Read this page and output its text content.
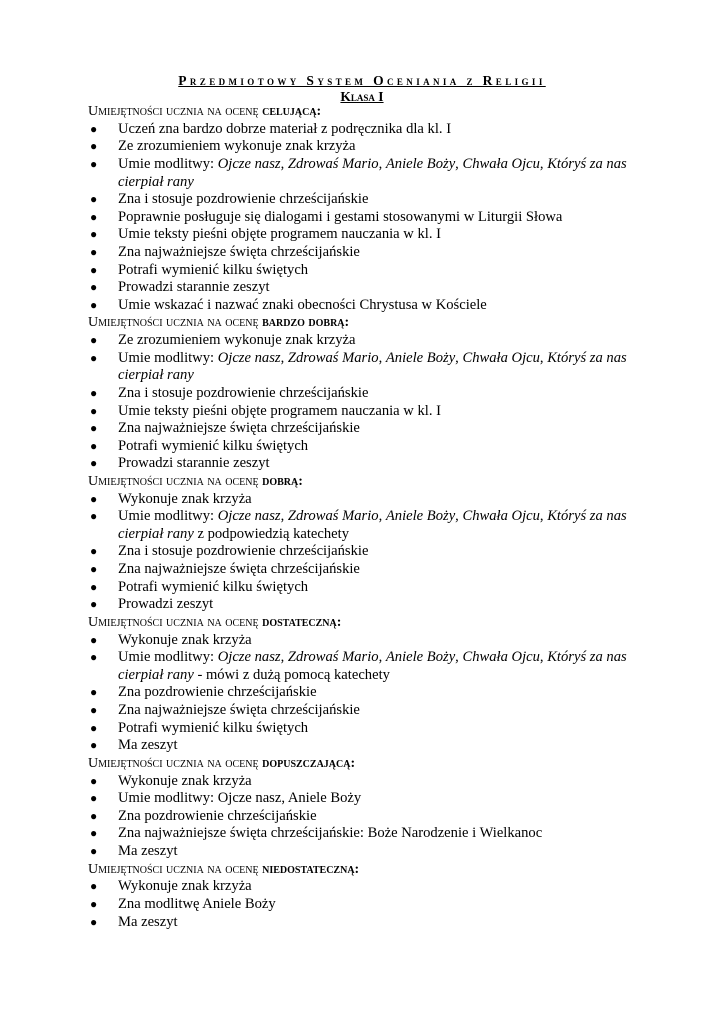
Przedmiotowy System Oceniania z Religii
Klasa I
Umiejętności ucznia na ocenę celującą:
● Uczeń zna bardzo dobrze materiał z podręcznika dla kl. I
● Ze zrozumieniem wykonuje znak krzyża
● Umie modlitwy: Ojcze nasz, Zdrowaś Mario, Aniele Boży, Chwała Ojcu, Któryś za nas cierpiał rany
● Zna i stosuje pozdrowienie chrześcijańskie
● Poprawnie posługuje się dialogami i gestami stosowanymi w Liturgii Słowa
● Umie teksty pieśni objęte programem nauczania w kl. I
● Zna najważniejsze święta chrześcijańskie
● Potrafi wymienić kilku świętych
● Prowadzi starannie zeszyt
● Umie wskazać i nazwać znaki obecności Chrystusa w Kościele
Umiejętności ucznia na ocenę bardzo dobrą:
● Ze zrozumieniem wykonuje znak krzyża
● Umie modlitwy: Ojcze nasz, Zdrowaś Mario, Aniele Boży, Chwała Ojcu, Któryś za nas cierpiał rany
● Zna i stosuje pozdrowienie chrześcijańskie
● Umie teksty pieśni objęte programem nauczania w kl. I
● Zna najważniejsze święta chrześcijańskie
● Potrafi wymienić kilku świętych
● Prowadzi starannie zeszyt
Umiejętności ucznia na ocenę dobrą:
● Wykonuje znak krzyża
● Umie modlitwy: Ojcze nasz, Zdrowaś Mario, Aniele Boży, Chwała Ojcu, Któryś za nas cierpiał rany z podpowiedzią katechety
● Zna i stosuje pozdrowienie chrześcijańskie
● Zna najważniejsze święta chrześcijańskie
● Potrafi wymienić kilku świętych
● Prowadzi zeszyt
Umiejętności ucznia na ocenę dostateczną:
● Wykonuje znak krzyża
● Umie modlitwy: Ojcze nasz, Zdrowaś Mario, Aniele Boży, Chwała Ojcu, Któryś za nas cierpiał rany - mówi z dużą pomocą katechety
● Zna pozdrowienie chrześcijańskie
● Zna najważniejsze święta chrześcijańskie
● Potrafi wymienić kilku świętych
● Ma zeszyt
Umiejętności ucznia na ocenę dopuszczającą:
● Wykonuje znak krzyża
● Umie modlitwy: Ojcze nasz, Aniele Boży
● Zna pozdrowienie chrześcijańskie
● Zna najważniejsze święta chrześcijańskie: Boże Narodzenie i Wielkanoc
● Ma zeszyt
Umiejętności ucznia na ocenę niedostateczną:
● Wykonuje znak krzyża
● Zna modlitwę Aniele Boży
● Ma zeszyt
